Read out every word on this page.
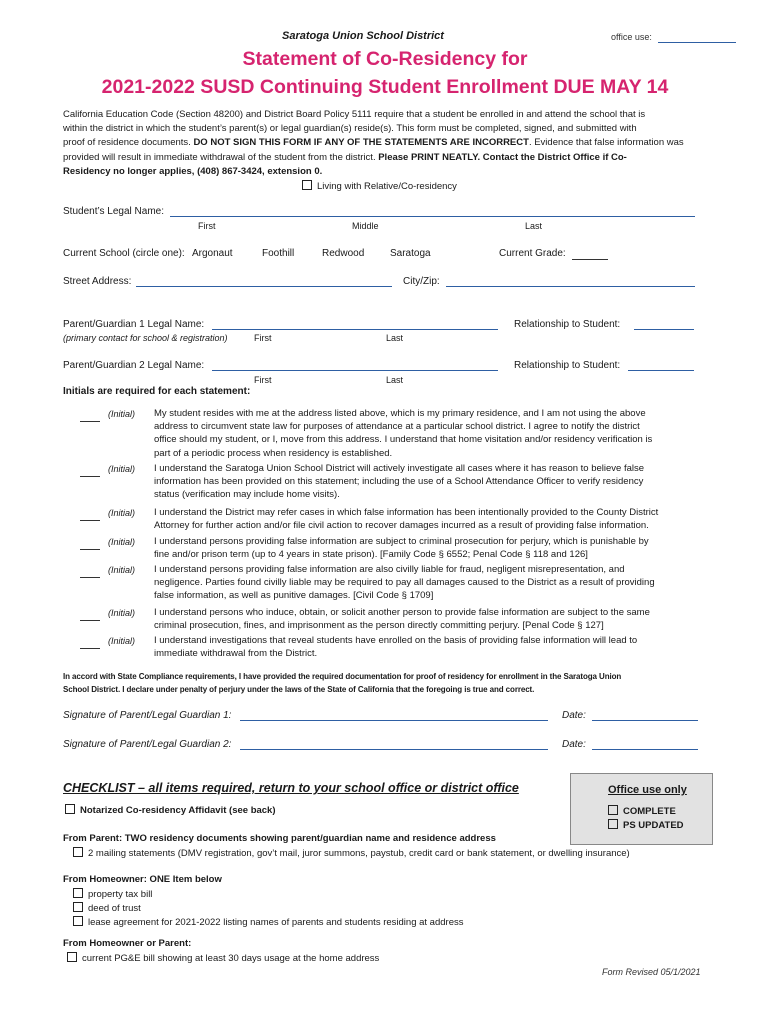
Saratoga Union School District	office use:
Statement of Co-Residency for
2021-2022 SUSD Continuing Student Enrollment DUE MAY 14
California Education Code (Section 48200) and District Board Policy 5111 require that a student be enrolled in and attend the school that is
within the district in which the student’s parent(s) or legal guardian(s) reside(s). This form must be completed, signed, and submitted with
proof of residence documents. DO NOT SIGN THIS FORM IF ANY OF THE STATEMENTS ARE INCORRECT. Evidence that false information was
provided will result in immediate withdrawal of the student from the district. Please PRINT NEATLY. Contact the District Office if Co-
Residency no longer applies, (408) 867-3424, extension 0.
Living with Relative/Co-residency
Student’s Legal Name:
First	Middle	Last
Current School (circle one): Argonaut	Foothill	Redwood	Saratoga	Current Grade:
Street Address:	City/Zip:
Parent/Guardian 1 Legal Name:
(primary contact for school & registration)	First	Last
Relationship to Student:
Parent/Guardian 2 Legal Name:
First	Last
Relationship to Student:
Initials are required for each statement:
(Initial) My student resides with me at the address listed above, which is my primary residence, and I am not using the above
address to circumvent state law for purposes of attendance at a particular school district. I agree to notify the district
office should my student, or I, move from this address. I understand that home visitation and/or residency verification is
part of a periodic process when residency is established.
(Initial) I understand the Saratoga Union School District will actively investigate all cases where it has reason to believe false
information has been provided on this statement; including the use of a School Attendance Officer to verify residency
status (verification may include home visits).
(Initial) I understand the District may refer cases in which false information has been intentionally provided to the County District
Attorney for further action and/or file civil action to recover damages incurred as a result of providing false information.
(Initial) I understand persons providing false information are subject to criminal prosecution for perjury, which is punishable by
fine and/or prison term (up to 4 years in state prison). [Family Code § 6552; Penal Code § 118 and 126]
(Initial) I understand persons providing false information are also civilly liable for fraud, negligent misrepresentation, and
negligence. Parties found civilly liable may be required to pay all damages caused to the District as a result of providing
false information, as well as punitive damages. [Civil Code § 1709]
(Initial) I understand persons who induce, obtain, or solicit another person to provide false information are subject to the same
criminal prosecution, fines, and imprisonment as the person directly committing perjury. [Penal Code § 127]
(Initial) I understand investigations that reveal students have enrolled on the basis of providing false information will lead to
immediate withdrawal from the District.
In accord with State Compliance requirements, I have provided the required documentation for proof of residency for enrollment in the Saratoga Union
School District. I declare under penalty of perjury under the laws of the State of California that the foregoing is true and correct.
Signature of Parent/Legal Guardian 1:	Date:
Signature of Parent/Legal Guardian 2:	Date:
CHECKLIST – all items required, return to your school office or district office	Office use only
COMPLETE
PS UPDATED
Notarized Co-residency Affidavit (see back)
From Parent: TWO residency documents showing parent/guardian name and residence address
2 mailing statements (DMV registration, gov’t mail, juror summons, paystub, credit card or bank statement, or dwelling insurance)
From Homeowner: ONE Item below
property tax bill
deed of trust
lease agreement for 2021-2022 listing names of parents and students residing at address
From Homeowner or Parent:
current PG&E bill showing at least 30 days usage at the home address
Form Revised 05/1/2021
